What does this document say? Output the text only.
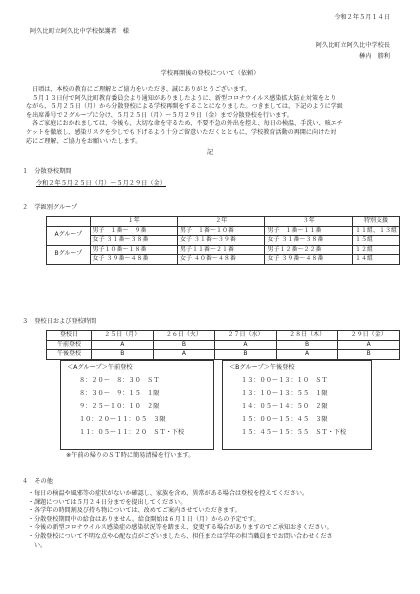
令和２年５月１４日
阿久比町立阿久比中学校保護者　様
阿久比町立阿久比中学校長
榊内　勝利
学校再開後の登校について（依頼）
日頃は、本校の教育にご理解とご協力をいただき、誠にありがとうございます。
５月１３日付で阿久比町教育委員会より通知がありましたように、新型コロナウイルス感染拡大防止対策をとり
ながら、５月２５日（月）から分散登校による学校再開をすることになりました。つきましては、下記のように学級
を出席番号で２グループに分け、５月２５日（月）～５月２９日（金）まで分散登校を行います。
各ご家庭におかれましては、今後も、大切な命を守るため、不要不急の外出を控え、毎日の検温、手洗い、咳エチ
ケットを徹底し、感染リスクを少しでも下げるよう十分ご留意いただくとともに、学校教育活動の再開に向けた対
応にご理解、ご協力をお願いいたします。
記
１　分散登校期間
令和２年５月２５日（月）～５月２９日（金）
２　学級別グループ
	１年	２年	３年	特別支援
Aグループ	男子　１番～　９番	男子　１番～１０番	男子　１番～１１番	１１組、１３組
	女子 ３１番～３８番	女子 ３１番～３９番	女子 ３１番～３８番	１５組
Bグループ	男子１０番～１８番	男子１１番～２１番	男子１２番～２２番	１２組
	女子 ３９番～４８番	女子 ４０番～４８番	女子 ３９番～４８番	１４組
３　登校日および登校時間
登校日	２５日（月）	２６日（火）	２７日（水）	２８日（木）	２９日（金）
午前登校	A	B	A	B	A
午後登校	B	A	B	A	B
＜Aグループ＞午前登校
８：２０～　８：３０　ＳＴ
８：３０～　９：１５　１限
９：２５～１０：１０　２限
１０：２０～１１：０５　３限
１１：０５～１１：２０　ＳＴ・下校
＜Bグループ＞午後登校
１３：００～１３：１０　ＳＴ
１３：１０～１３：５５　１限
１４：０５～１４：５０　２限
１５：００～１５：４５　３限
１５：４５～１５：５５　ＳＴ・下校
※午前の帰りのＳＴ時に簡易清掃を行います。
４　その他
・毎日の検温や風邪等の症状がないか確認し、家族を含め、異常がある場合は登校を控えてください。
・課題については５月２４日分までを提出してください。
・各学年の時間割及び持ち物については、改めてご案内させていただきます。
・分散登校期間中の給食はありません。給食開始は６月１日（月）からの予定です。
・今後の新型コロナウイルス感染症の感染状況等を踏まえ、変更する場合がありますのでご承知おきください。
・分散登校について不明な点や心配な点がございましたら、担任または学年の担当職員までお問い合わせくださ
い。
